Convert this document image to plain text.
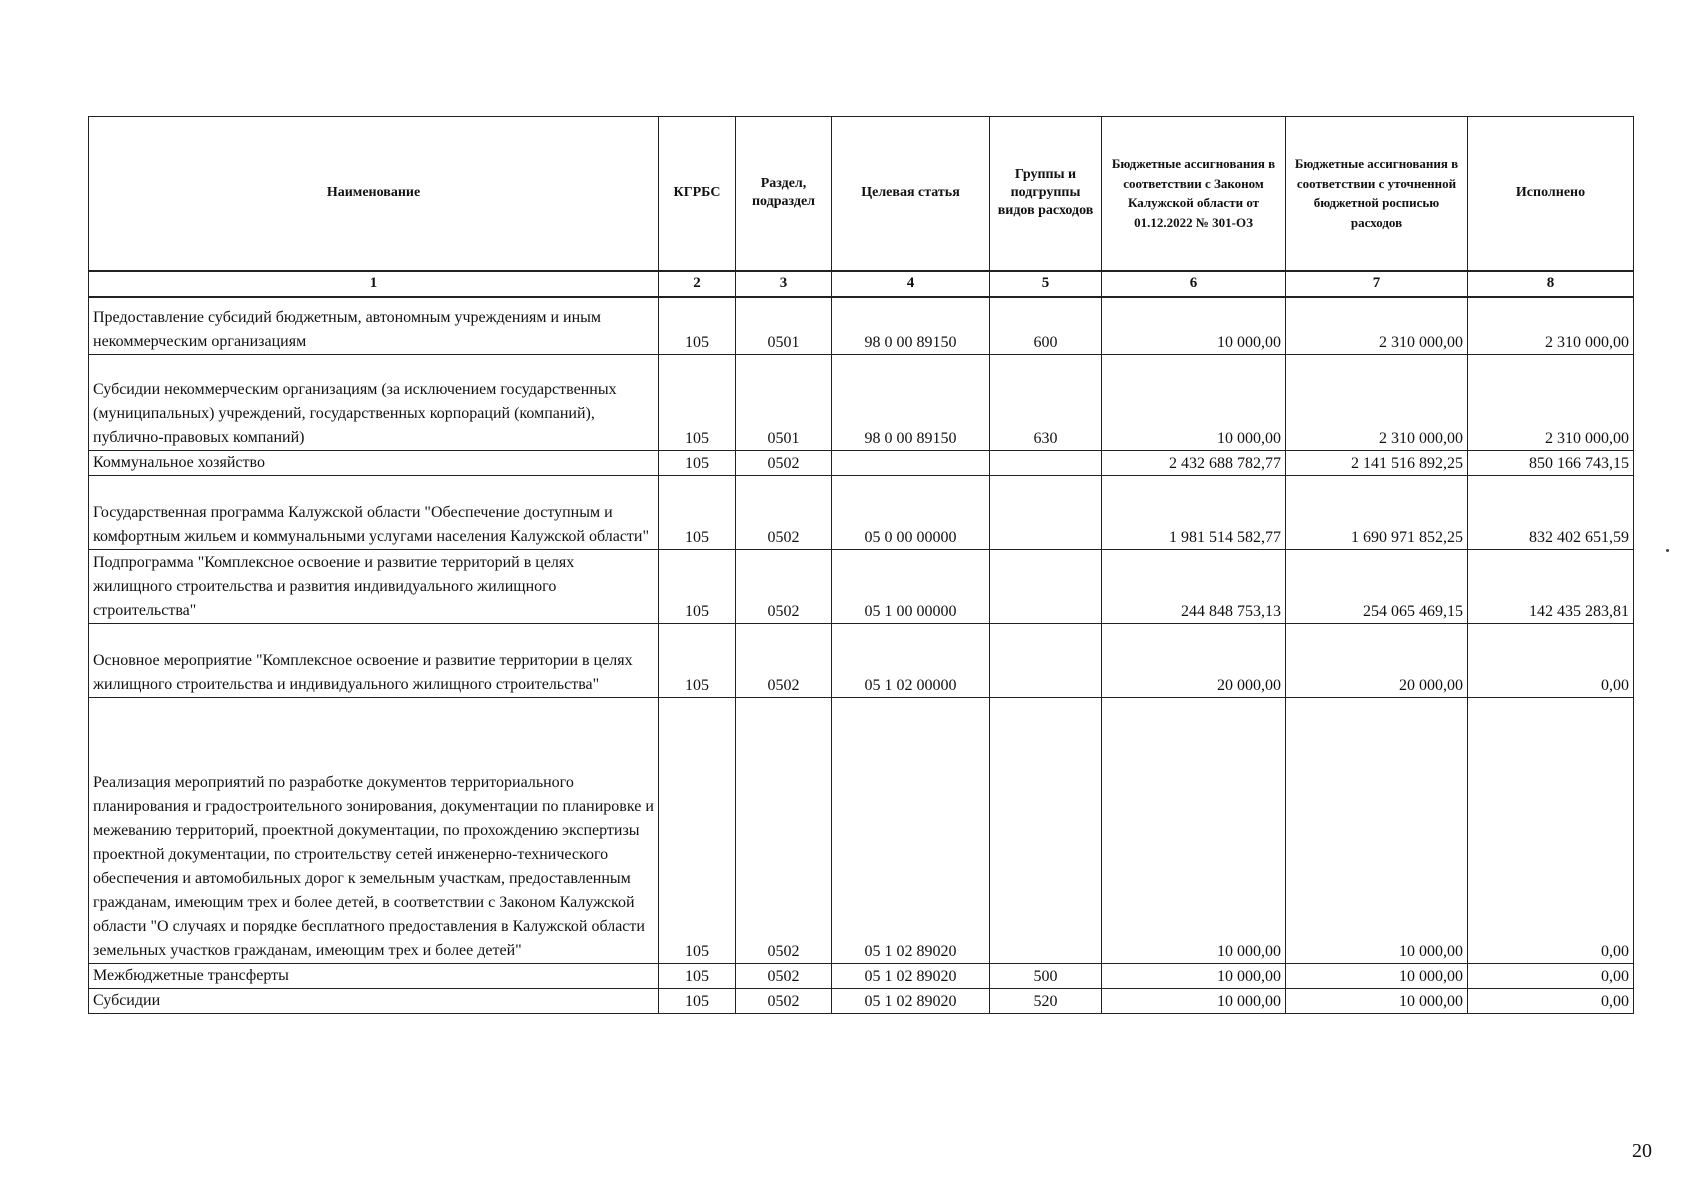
Наименование	КГРБС	Раздел, подраздел	Целевая статья	Группы и подгруппы видов расходов	Бюджетные ассигнования в соответствии с Законом Калужской области от 01.12.2022 № 301-ОЗ	Бюджетные ассигнования в соответствии с уточненной бюджетной росписью расходов	Исполнено
1	2	3	4	5	6	7	8
Предоставление субсидий бюджетным, автономным учреждениям и иным некоммерческим организациям	105	0501	98 0 00 89150	600	10 000,00	2 310 000,00	2 310 000,00
Субсидии некоммерческим организациям (за исключением государственных (муниципальных) учреждений, государственных корпораций (компаний), публично-правовых компаний)	105	0501	98 0 00 89150	630	10 000,00	2 310 000,00	2 310 000,00
Коммунальное хозяйство	105	0502			2 432 688 782,77	2 141 516 892,25	850 166 743,15
Государственная программа Калужской области "Обеспечение доступным и комфортным жильем и коммунальными услугами населения Калужской области"	105	0502	05 0 00 00000		1 981 514 582,77	1 690 971 852,25	832 402 651,59
Подпрограмма "Комплексное освоение и развитие территорий в целях жилищного строительства и развития индивидуального жилищного строительства"	105	0502	05 1 00 00000		244 848 753,13	254 065 469,15	142 435 283,81
Основное мероприятие "Комплексное освоение и развитие территории в целях жилищного строительства и индивидуального жилищного строительства"	105	0502	05 1 02 00000		20 000,00	20 000,00	0,00
Реализация мероприятий по разработке документов территориального планирования и градостроительного зонирования, документации по планировке и межеванию территорий, проектной документации, по прохождению экспертизы проектной документации, по строительству сетей инженерно-технического обеспечения и автомобильных дорог к земельным участкам, предоставленным гражданам, имеющим трех и более детей, в соответствии с Законом Калужской области "О случаях и порядке бесплатного предоставления в Калужской области земельных участков гражданам, имеющим трех и более детей"	105	0502	05 1 02 89020		10 000,00	10 000,00	0,00
Межбюджетные трансферты	105	0502	05 1 02 89020	500	10 000,00	10 000,00	0,00
Субсидии	105	0502	05 1 02 89020	520	10 000,00	10 000,00	0,00
20
